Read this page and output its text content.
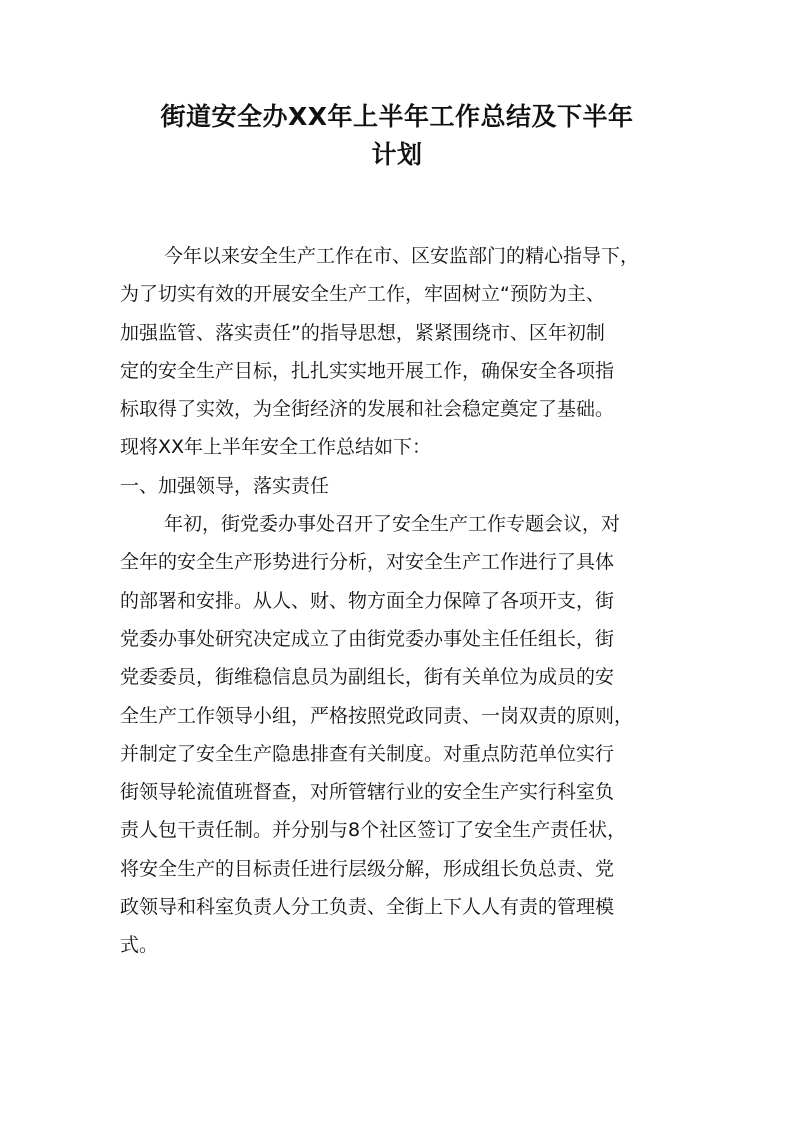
街道安全办XX年上半年工作总结及下半年
计划

今年以来安全生产工作在市、区安监部门的精心指导下，
为了切实有效的开展安全生产工作，牢固树立“预防为主、
加强监管、落实责任”的指导思想，紧紧围绕市、区年初制
定的安全生产目标，扎扎实实地开展工作，确保安全各项指
标取得了实效，为全街经济的发展和社会稳定奠定了基础。
现将XX年上半年安全工作总结如下：

一、加强领导，落实责任

年初，街党委办事处召开了安全生产工作专题会议，对
全年的安全生产形势进行分析，对安全生产工作进行了具体
的部署和安排。从人、财、物方面全力保障了各项开支，街
党委办事处研究决定成立了由街党委办事处主任任组长，街
党委委员，街维稳信息员为副组长，街有关单位为成员的安
全生产工作领导小组，严格按照党政同责、一岗双责的原则，
并制定了安全生产隐患排查有关制度。对重点防范单位实行
街领导轮流值班督查，对所管辖行业的安全生产实行科室负
责人包干责任制。并分别与8个社区签订了安全生产责任状，
将安全生产的目标责任进行层级分解，形成组长负总责、党
政领导和科室负责人分工负责、全街上下人人有责的管理模
式。
